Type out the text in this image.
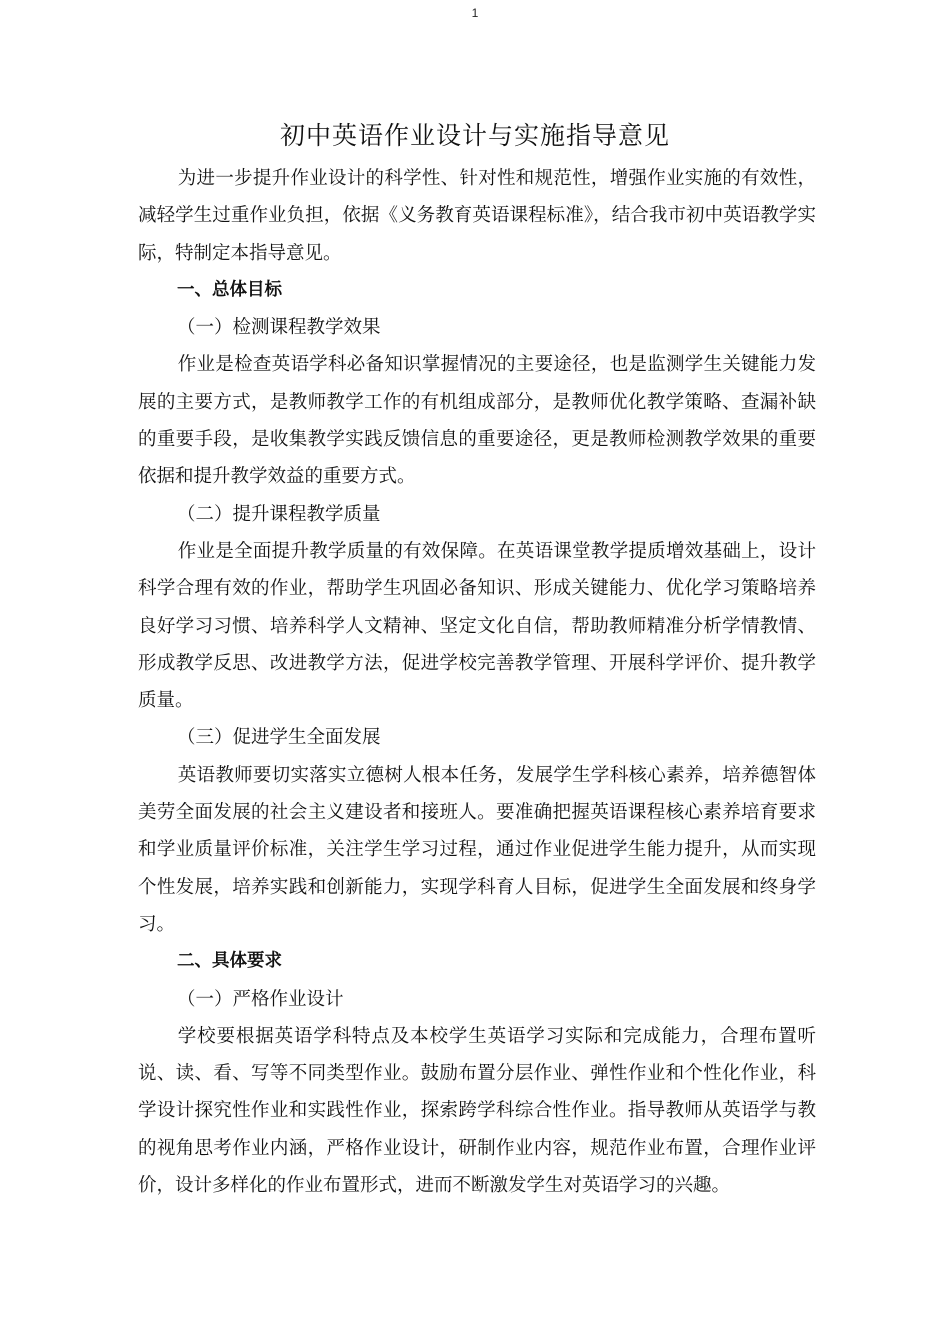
1
初中英语作业设计与实施指导意见

为进一步提升作业设计的科学性、针对性和规范性，增强作业实施的有效性，减轻学生过重作业负担，依据《义务教育英语课程标准》，结合我市初中英语教学实际，特制定本指导意见。

一、总体目标

（一）检测课程教学效果

作业是检查英语学科必备知识掌握情况的主要途径，也是监测学生关键能力发展的主要方式，是教师教学工作的有机组成部分，是教师优化教学策略、查漏补缺的重要手段，是收集教学实践反馈信息的重要途径，更是教师检测教学效果的重要依据和提升教学效益的重要方式。

（二）提升课程教学质量

作业是全面提升教学质量的有效保障。在英语课堂教学提质增效基础上，设计科学合理有效的作业，帮助学生巩固必备知识、形成关键能力、优化学习策略培养良好学习习惯、培养科学人文精神、坚定文化自信，帮助教师精准分析学情教情、形成教学反思、改进教学方法，促进学校完善教学管理、开展科学评价、提升教学质量。

（三）促进学生全面发展

英语教师要切实落实立德树人根本任务，发展学生学科核心素养，培养德智体美劳全面发展的社会主义建设者和接班人。要准确把握英语课程核心素养培育要求和学业质量评价标准，关注学生学习过程，通过作业促进学生能力提升，从而实现个性发展，培养实践和创新能力，实现学科育人目标，促进学生全面发展和终身学习。

二、具体要求

（一）严格作业设计

学校要根据英语学科特点及本校学生英语学习实际和完成能力，合理布置听说、读、看、写等不同类型作业。鼓励布置分层作业、弹性作业和个性化作业，科学设计探究性作业和实践性作业，探索跨学科综合性作业。指导教师从英语学与教的视角思考作业内涵，严格作业设计，研制作业内容，规范作业布置，合理作业评价，设计多样化的作业布置形式，进而不断激发学生对英语学习的兴趣。
